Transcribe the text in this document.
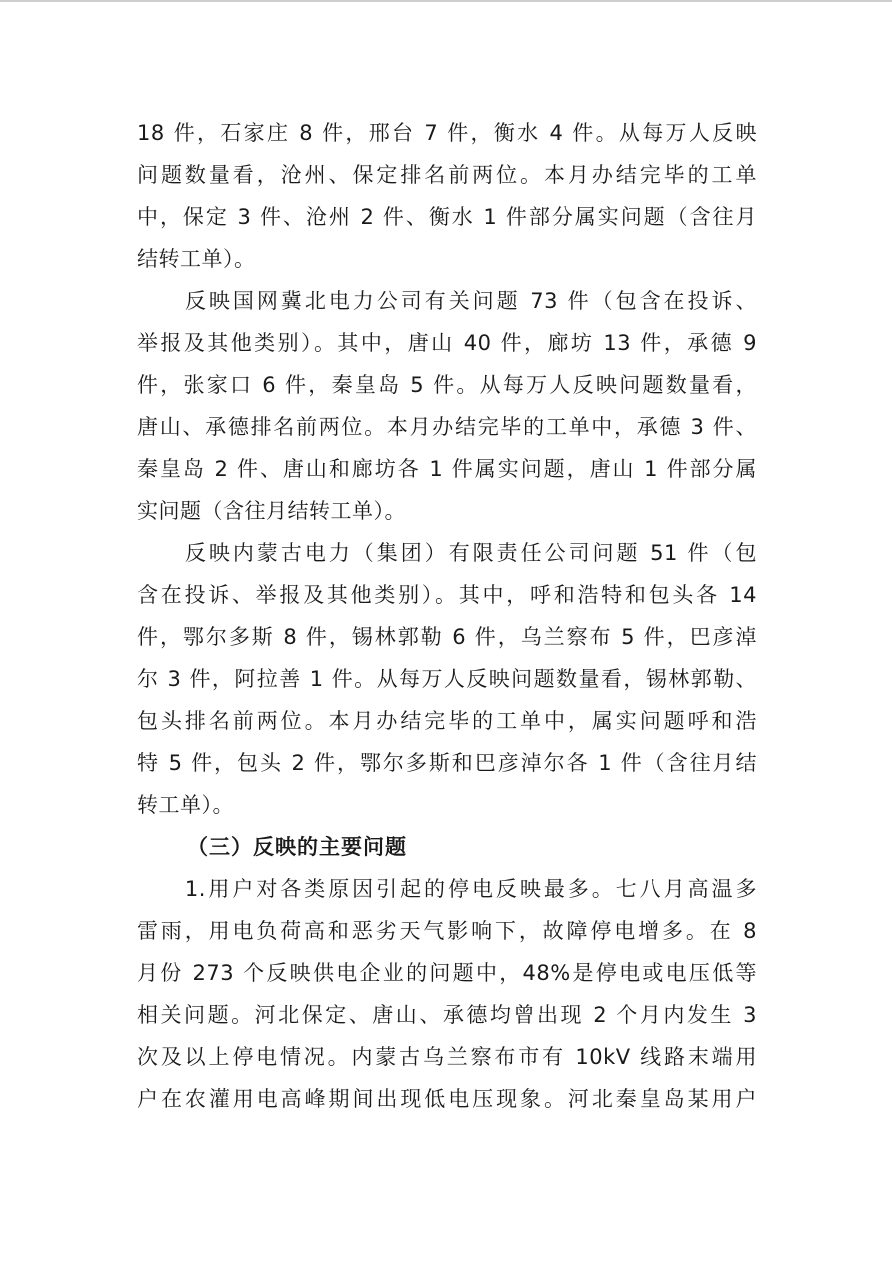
18 件，石家庄 8 件，邢台 7 件，衡水 4 件。从每万人反映
问题数量看，沧州、保定排名前两位。本月办结完毕的工单
中，保定 3 件、沧州 2 件、衡水 1 件部分属实问题（含往月
结转工单）。
　　反映国网冀北电力公司有关问题 73 件（包含在投诉、
举报及其他类别）。其中，唐山 40 件，廊坊 13 件，承德 9
件，张家口 6 件，秦皇岛 5 件。从每万人反映问题数量看，
唐山、承德排名前两位。本月办结完毕的工单中，承德 3 件、
秦皇岛 2 件、唐山和廊坊各 1 件属实问题，唐山 1 件部分属
实问题（含往月结转工单）。
　　反映内蒙古电力（集团）有限责任公司问题 51 件（包
含在投诉、举报及其他类别）。其中，呼和浩特和包头各 14
件，鄂尔多斯 8 件，锡林郭勒 6 件，乌兰察布 5 件，巴彦淖
尔 3 件，阿拉善 1 件。从每万人反映问题数量看，锡林郭勒、
包头排名前两位。本月办结完毕的工单中，属实问题呼和浩
特 5 件，包头 2 件，鄂尔多斯和巴彦淖尔各 1 件（含往月结
转工单）。
（三）反映的主要问题
　　1.用户对各类原因引起的停电反映最多。七八月高温多
雷雨，用电负荷高和恶劣天气影响下，故障停电增多。在 8
月份 273 个反映供电企业的问题中，48%是停电或电压低等
相关问题。河北保定、唐山、承德均曾出现 2 个月内发生 3
次及以上停电情况。内蒙古乌兰察布市有 10kV 线路末端用
户在农灌用电高峰期间出现低电压现象。河北秦皇岛某用户
